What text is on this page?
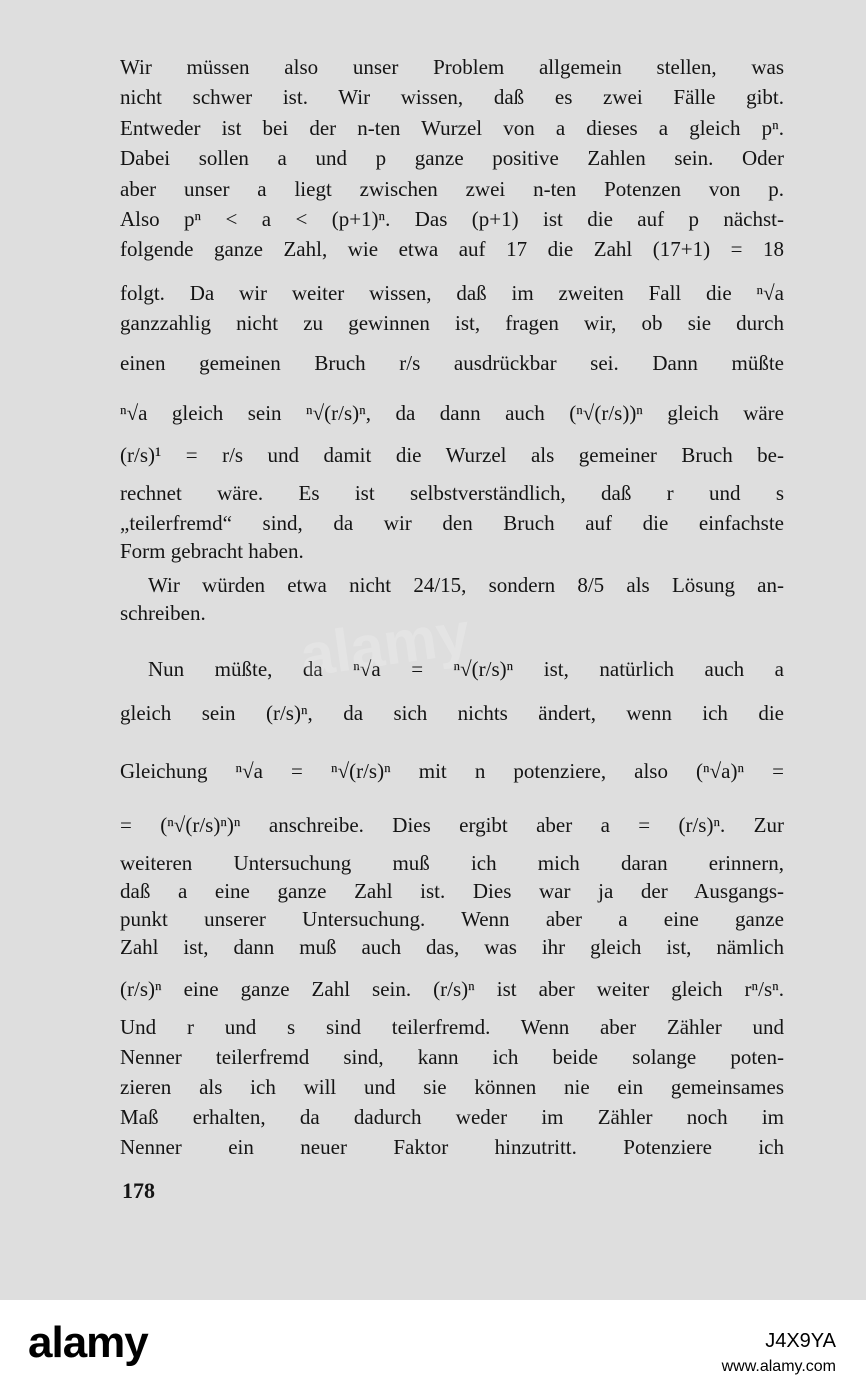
Wir müssen also unser Problem allgemein stellen, was
nicht schwer ist. Wir wissen, daß es zwei Fälle gibt.
Entweder ist bei der n-ten Wurzel von a dieses a gleich pⁿ.
Dabei sollen a und p ganze positive Zahlen sein. Oder
aber unser a liegt zwischen zwei n-ten Potenzen von p.
Also pⁿ < a < (p+1)ⁿ. Das (p+1) ist die auf p nächst-
folgende ganze Zahl, wie etwa auf 17 die Zahl (17+1) = 18
folgt. Da wir weiter wissen, daß im zweiten Fall die ⁿ√a
ganzzahlig nicht zu gewinnen ist, fragen wir, ob sie durch
einen gemeinen Bruch r/s ausdrückbar sei. Dann müßte
ⁿ√a gleich sein ⁿ√(r/s)ⁿ, da dann auch (ⁿ√(r/s))ⁿ gleich wäre
(r/s)¹ = r/s und damit die Wurzel als gemeiner Bruch be-
rechnet wäre. Es ist selbstverständlich, daß r und s
„teilerfremd“ sind, da wir den Bruch auf die einfachste
Form gebracht haben.
Wir würden etwa nicht 24/15, sondern 8/5 als Lösung an-
schreiben.
Nun müßte, da ⁿ√a = ⁿ√(r/s)ⁿ ist, natürlich auch a
gleich sein (r/s)ⁿ, da sich nichts ändert, wenn ich die
Gleichung ⁿ√a = ⁿ√(r/s)ⁿ mit n potenziere, also (ⁿ√a)ⁿ =
= (ⁿ√(r/s)ⁿ)ⁿ anschreibe. Dies ergibt aber a = (r/s)ⁿ. Zur
weiteren Untersuchung muß ich mich daran erinnern,
daß a eine ganze Zahl ist. Dies war ja der Ausgangs-
punkt unserer Untersuchung. Wenn aber a eine ganze
Zahl ist, dann muß auch das, was ihr gleich ist, nämlich
(r/s)ⁿ eine ganze Zahl sein. (r/s)ⁿ ist aber weiter gleich rⁿ/sⁿ.
Und r und s sind teilerfremd. Wenn aber Zähler und
Nenner teilerfremd sind, kann ich beide solange poten-
zieren als ich will und sie können nie ein gemeinsames
Maß erhalten, da dadurch weder im Zähler noch im
Nenner ein neuer Faktor hinzutritt. Potenziere ich
178
alamy
alamy	J4X9YA
www.alamy.com
